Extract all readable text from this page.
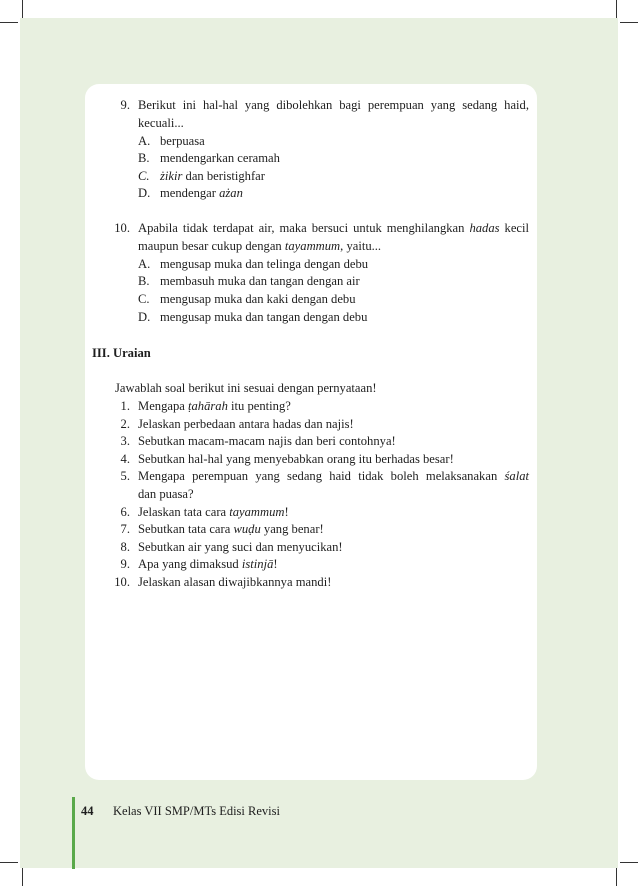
9. Berikut ini hal-hal yang dibolehkan bagi perempuan yang sedang haid,
kecuali...
A. berpuasa
B. mendengarkan ceramah
C. żikir dan beristighfar
D. mendengar ażan
10. Apabila tidak terdapat air, maka bersuci untuk menghilangkan hadas kecil
maupun besar cukup dengan tayammum, yaitu...
A. mengusap muka dan telinga dengan debu
B. membasuh muka dan tangan dengan air
C. mengusap muka dan kaki dengan debu
D. mengusap muka dan tangan dengan debu
III. Uraian
Jawablah soal berikut ini sesuai dengan pernyataan!
1. Mengapa ṭahārah itu penting?
2. Jelaskan perbedaan antara hadas dan najis!
3. Sebutkan macam-macam najis dan beri contohnya!
4. Sebutkan hal-hal yang menyebabkan orang itu berhadas besar!
5. Mengapa perempuan yang sedang haid tidak boleh melaksanakan śalat
dan puasa?
6. Jelaskan tata cara tayammum!
7. Sebutkan tata cara wuḍu yang benar!
8. Sebutkan air yang suci dan menyucikan!
9. Apa yang dimaksud istinjā!
10. Jelaskan alasan diwajibkannya mandi!
44 Kelas VII SMP/MTs Edisi Revisi
